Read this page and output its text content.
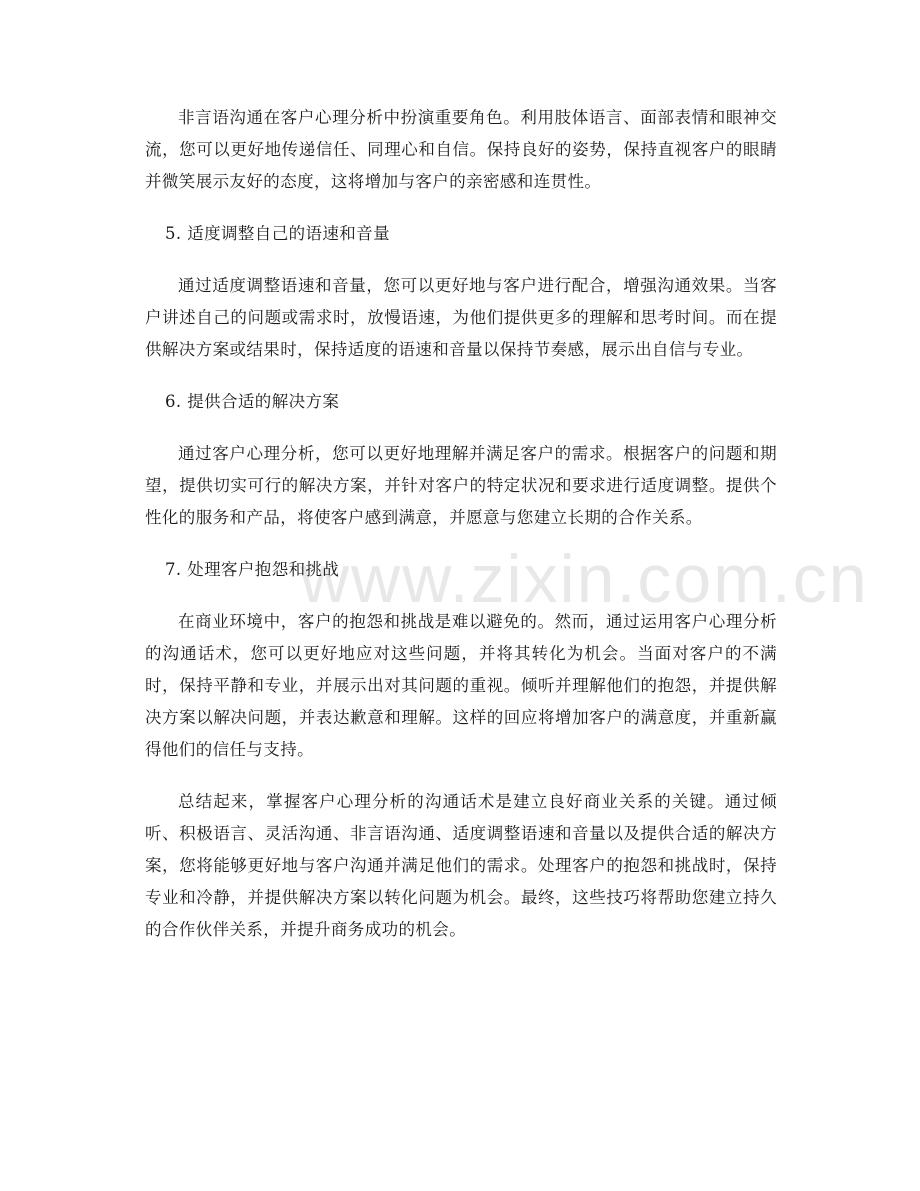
www.zixin.com.cn

非言语沟通在客户心理分析中扮演重要角色。利用肢体语言、面部表情和眼神交流，您可以更好地传递信任、同理心和自信。保持良好的姿势，保持直视客户的眼睛并微笑展示友好的态度，这将增加与客户的亲密感和连贯性。

5. 适度调整自己的语速和音量

通过适度调整语速和音量，您可以更好地与客户进行配合，增强沟通效果。当客户讲述自己的问题或需求时，放慢语速，为他们提供更多的理解和思考时间。而在提供解决方案或结果时，保持适度的语速和音量以保持节奏感，展示出自信与专业。

6. 提供合适的解决方案

通过客户心理分析，您可以更好地理解并满足客户的需求。根据客户的问题和期望，提供切实可行的解决方案，并针对客户的特定状况和要求进行适度调整。提供个性化的服务和产品，将使客户感到满意，并愿意与您建立长期的合作关系。

7. 处理客户抱怨和挑战

在商业环境中，客户的抱怨和挑战是难以避免的。然而，通过运用客户心理分析的沟通话术，您可以更好地应对这些问题，并将其转化为机会。当面对客户的不满时，保持平静和专业，并展示出对其问题的重视。倾听并理解他们的抱怨，并提供解决方案以解决问题，并表达歉意和理解。这样的回应将增加客户的满意度，并重新赢得他们的信任与支持。

总结起来，掌握客户心理分析的沟通话术是建立良好商业关系的关键。通过倾听、积极语言、灵活沟通、非言语沟通、适度调整语速和音量以及提供合适的解决方案，您将能够更好地与客户沟通并满足他们的需求。处理客户的抱怨和挑战时，保持专业和冷静，并提供解决方案以转化问题为机会。最终，这些技巧将帮助您建立持久的合作伙伴关系，并提升商务成功的机会。
